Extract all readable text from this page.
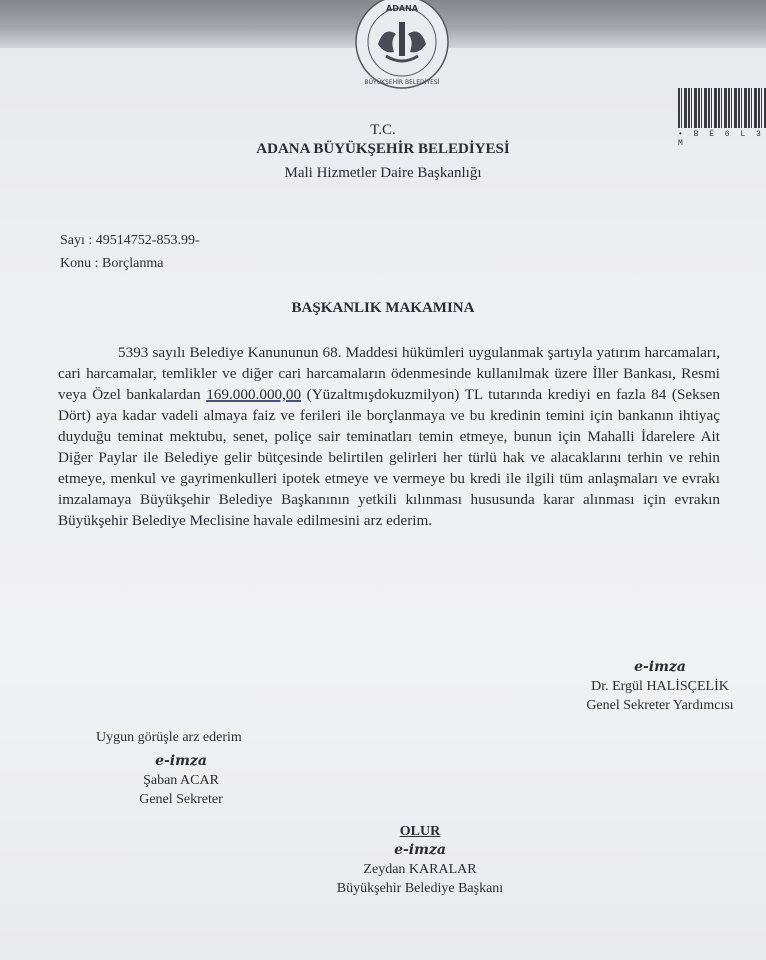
ADANA
BÜYÜKŞEHİR BELEDİYESİ
• B E 6 L 3 M
T.C.
ADANA BÜYÜKŞEHİR BELEDİYESİ
Mali Hizmetler Daire Başkanlığı
Sayı : 49514752-853.99-
Konu : Borçlanma
BAŞKANLIK MAKAMINA
5393 sayılı Belediye Kanununun 68. Maddesi hükümleri uygulanmak şartıyla yatırım harcamaları, cari harcamalar, temlikler ve diğer cari harcamaların ödenmesinde kullanılmak üzere İller Bankası, Resmi veya Özel bankalardan 169.000.000,00 (Yüzaltmışdokuzmilyon) TL tutarında krediyi en fazla 84 (Seksen Dört) aya kadar vadeli almaya faiz ve ferileri ile borçlanmaya ve bu kredinin temini için bankanın ihtiyaç duyduğu teminat mektubu, senet, poliçe sair teminatları temin etmeye, bunun için Mahalli İdarelere Ait Diğer Paylar ile Belediye gelir bütçesinde belirtilen gelirleri her türlü hak ve alacaklarını terhin ve rehin etmeye, menkul ve gayrimenkulleri ipotek etmeye ve vermeye bu kredi ile ilgili tüm anlaşmaları ve evrakı imzalamaya Büyükşehir Belediye Başkanının yetkili kılınması hususunda karar alınması için evrakın Büyükşehir Belediye Meclisine havale edilmesini arz ederim.
e-imza
Dr. Ergül HALİSÇELİK
Genel Sekreter Yardımcısı
Uygun görüşle arz ederim
e-imza
Şaban ACAR
Genel Sekreter
OLUR
e-imza
Zeydan KARALAR
Büyükşehir Belediye Başkanı
